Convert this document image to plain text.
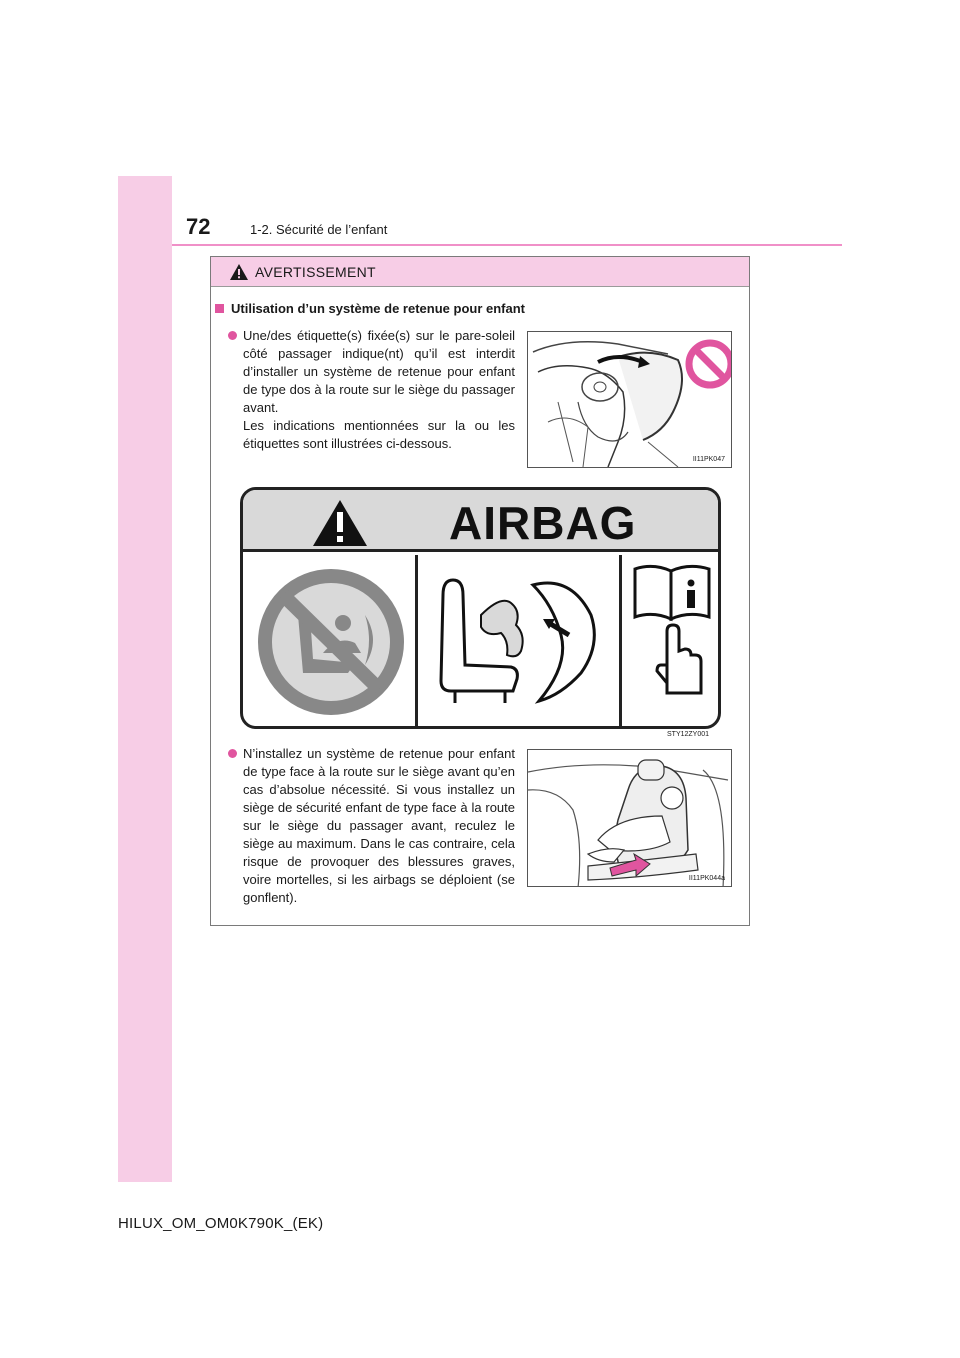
72	1-2. Sécurité de l’enfant
AVERTISSEMENT
Utilisation d’un système de retenue pour enfant
Une/des étiquette(s) fixée(s) sur le pare-soleil côté passager indique(nt) qu’il est interdit d’installer un système de retenue pour enfant de type dos à la route sur le siège du passager avant.
Les indications mentionnées sur la ou les étiquettes sont illustrées ci-dessous.
II11PK047
AIRBAG
STY12ZY001
N’installez un système de retenue pour enfant de type face à la route sur le siège avant qu’en cas d’absolue nécessité. Si vous installez un siège de sécurité enfant de type face à la route sur le siège du passager avant, reculez le siège au maximum. Dans le cas contraire, cela risque de provoquer des blessures graves, voire mortelles, si les airbags se déploient (se gonflent).
II11PK044a
HILUX_OM_OM0K790K_(EK)
